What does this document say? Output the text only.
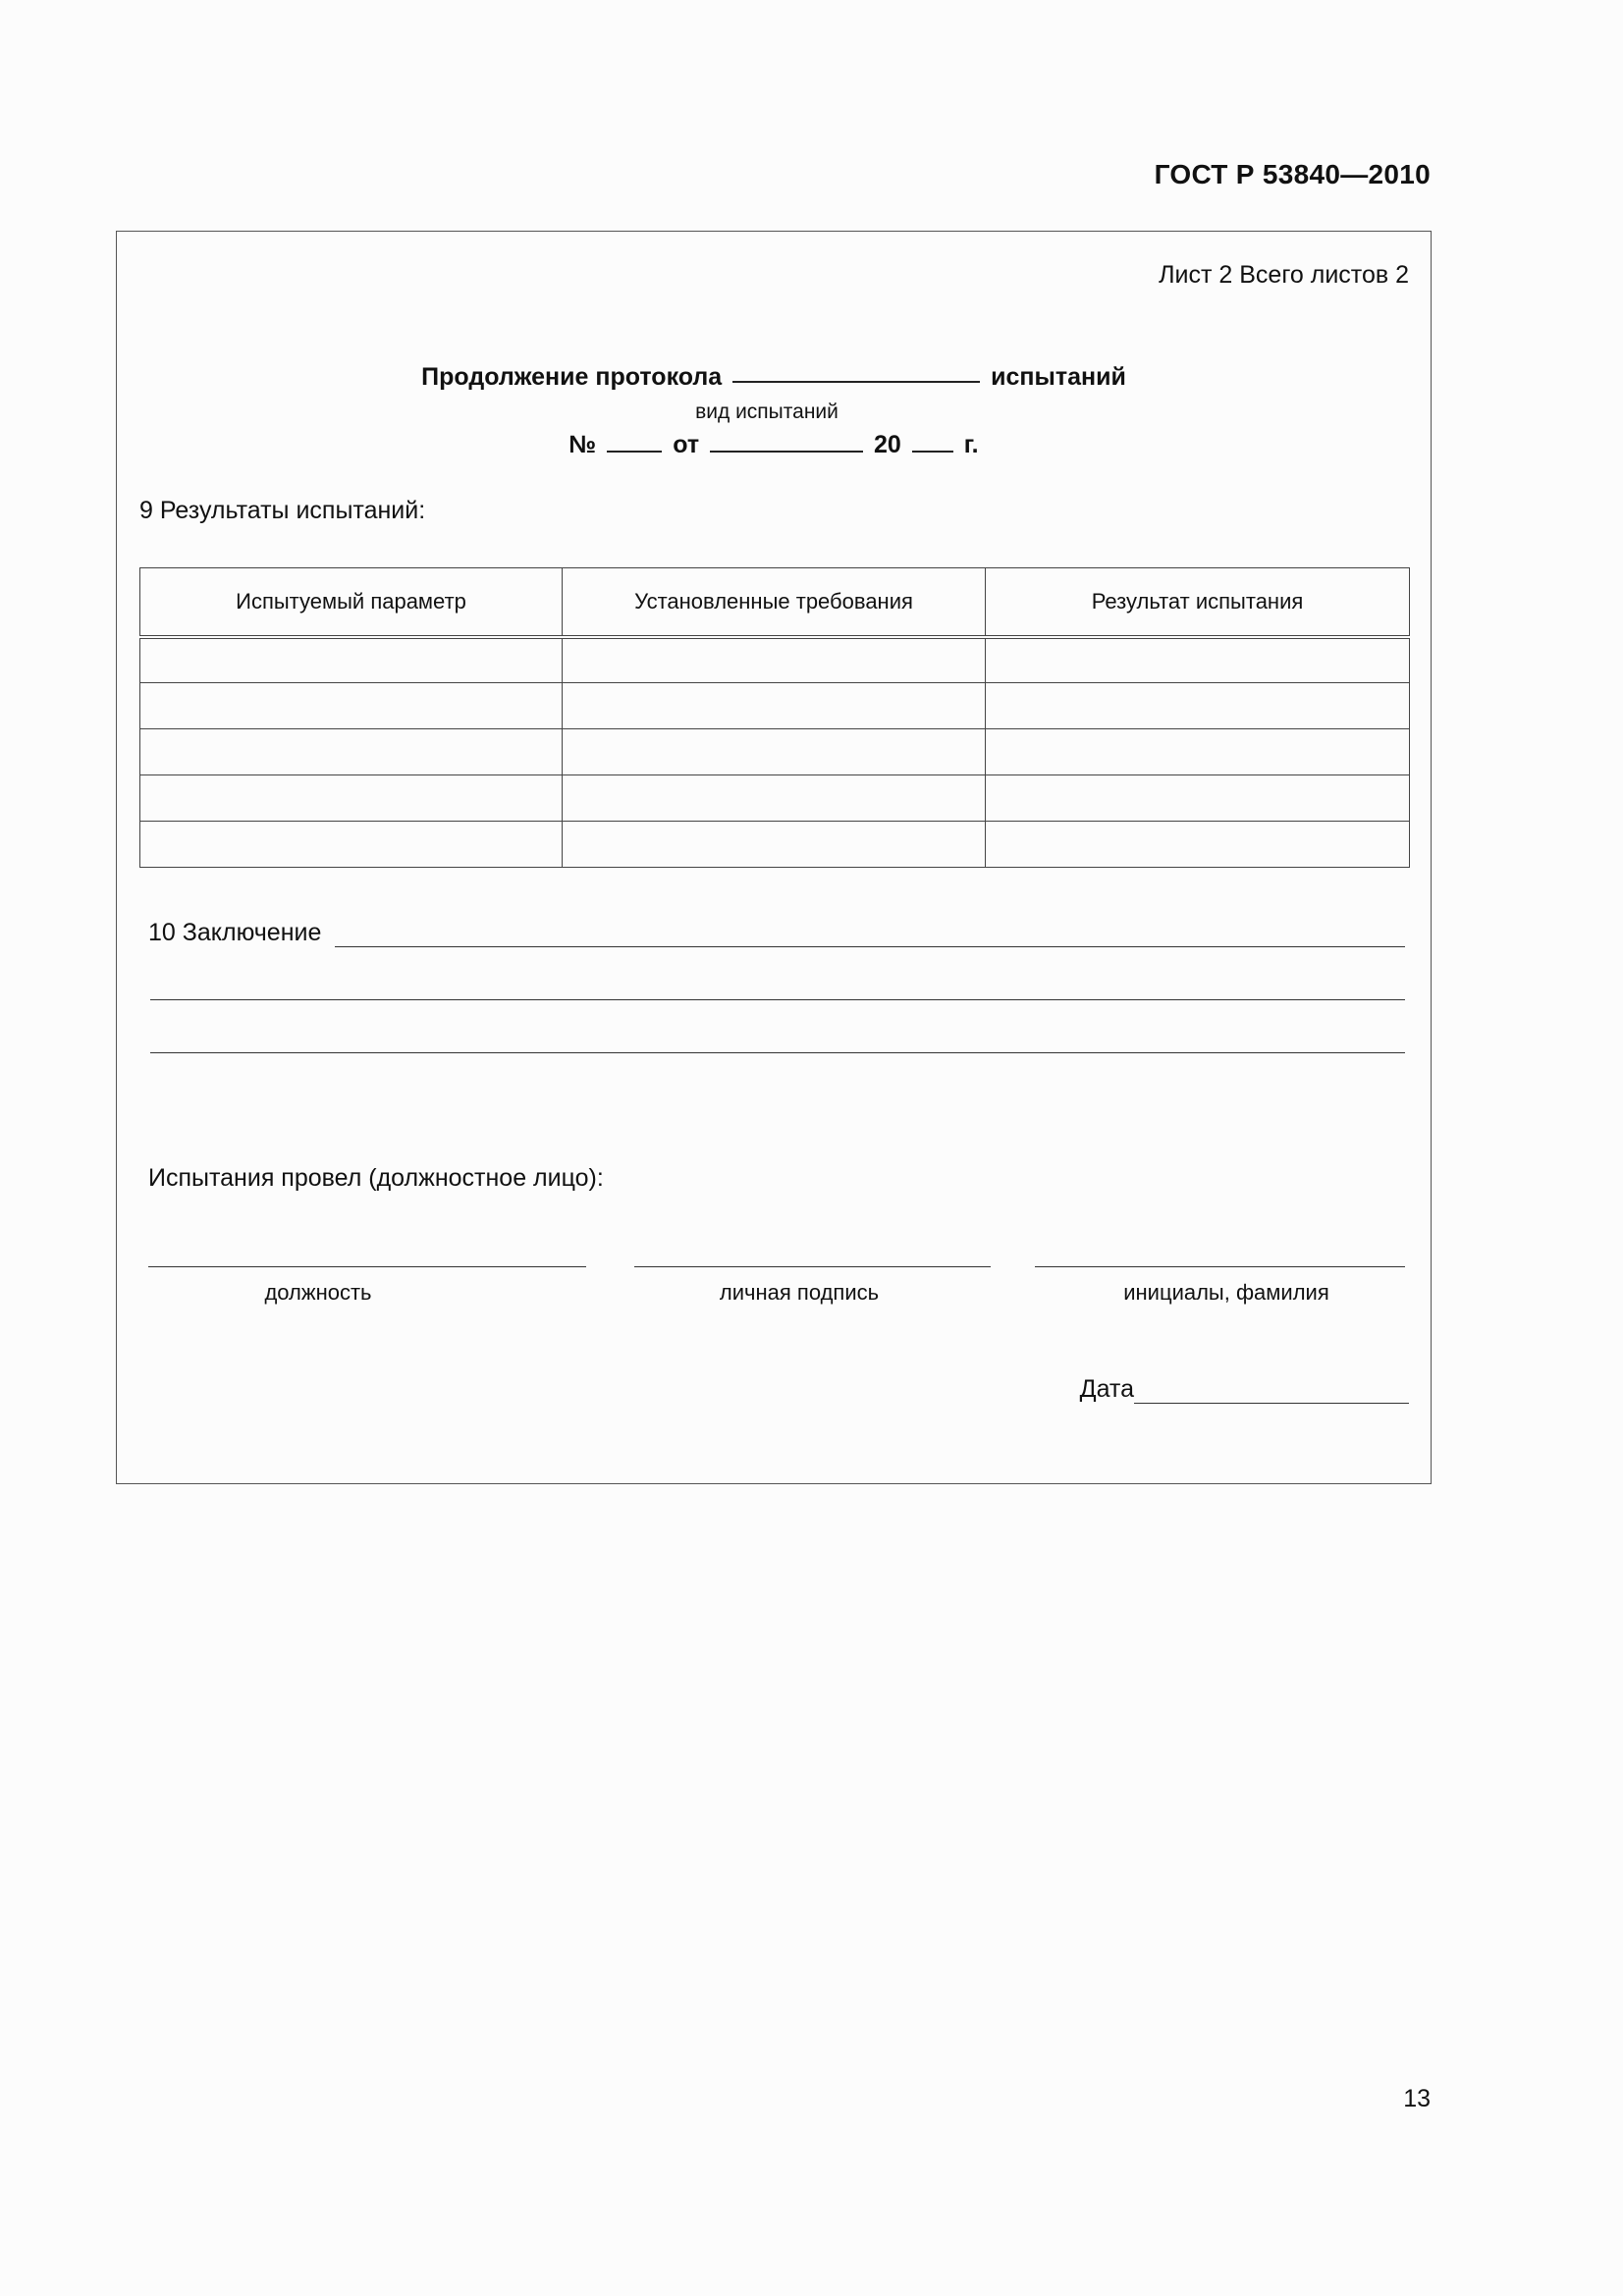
ГОСТ Р 53840—2010
Лист 2 Всего листов 2
Продолжение протокола	испытаний
вид испытаний
№	от	20	г.
9 Результаты испытаний:
Испытуемый параметр	Установленные требования	Результат испытания

10 Заключение
Испытания провел (должностное лицо):
должность	личная подпись	инициалы, фамилия
Дата
13
